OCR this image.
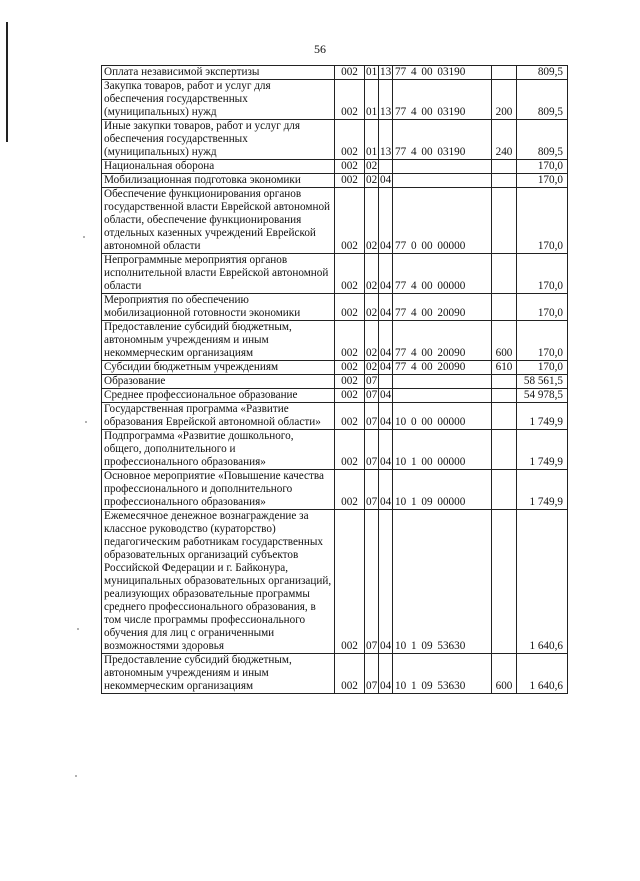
56
Оплата независимой экспертизы	002	01	13	77 4 00 03190		809,5
Закупка товаров, работ и услуг для обеспечения государственных (муниципальных) нужд	002	01	13	77 4 00 03190	200	809,5
Иные закупки товаров, работ и услуг для обеспечения государственных (муниципальных) нужд	002	01	13	77 4 00 03190	240	809,5
Национальная оборона	002	02				170,0
Мобилизационная подготовка экономики	002	02	04			170,0
Обеспечение функционирования органов государственной власти Еврейской автономной области, обеспечение функционирования отдельных казенных учреждений Еврейской автономной области	002	02	04	77 0 00 00000		170,0
Непрограммные мероприятия органов исполнительной власти Еврейской автономной области	002	02	04	77 4 00 00000		170,0
Мероприятия по обеспечению мобилизационной готовности экономики	002	02	04	77 4 00 20090		170,0
Предоставление субсидий бюджетным, автономным учреждениям и иным некоммерческим организациям	002	02	04	77 4 00 20090	600	170,0
Субсидии бюджетным учреждениям	002	02	04	77 4 00 20090	610	170,0
Образование	002	07				58 561,5
Среднее профессиональное образование	002	07	04			54 978,5
Государственная программа «Развитие образования Еврейской автономной области»	002	07	04	10 0 00 00000		1 749,9
Подпрограмма «Развитие дошкольного, общего, дополнительного и профессионального образования»	002	07	04	10 1 00 00000		1 749,9
Основное мероприятие «Повышение качества профессионального и дополнительного профессионального образования»	002	07	04	10 1 09 00000		1 749,9
Ежемесячное денежное вознаграждение за классное руководство (кураторство) педагогическим работникам государственных образовательных организаций субъектов Российской Федерации и г. Байконура, муниципальных образовательных организаций, реализующих образовательные программы среднего профессионального образования, в том числе программы профессионального обучения для лиц с ограниченными возможностями здоровья	002	07	04	10 1 09 53630		1 640,6
Предоставление субсидий бюджетным, автономным учреждениям и иным некоммерческим организациям	002	07	04	10 1 09 53630	600	1 640,6
